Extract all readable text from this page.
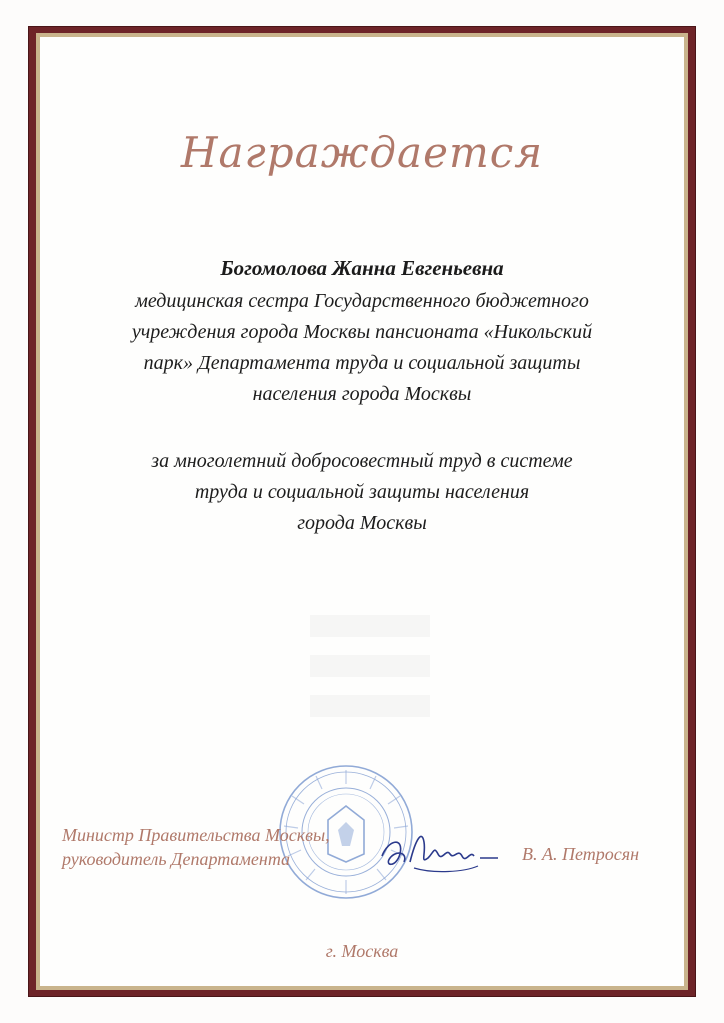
Награждается
Богомолова Жанна Евгеньевна
медицинская сестра Государственного бюджетного
учреждения города Москвы пансионата «Никольский
парк» Департамента труда и социальной защиты
населения города Москвы
за многолетний добросовестный труд в системе
труда и социальной защиты населения
города Москвы
Министр Правительства Москвы,
руководитель Департамента	В. А. Петросян
г. Москва
